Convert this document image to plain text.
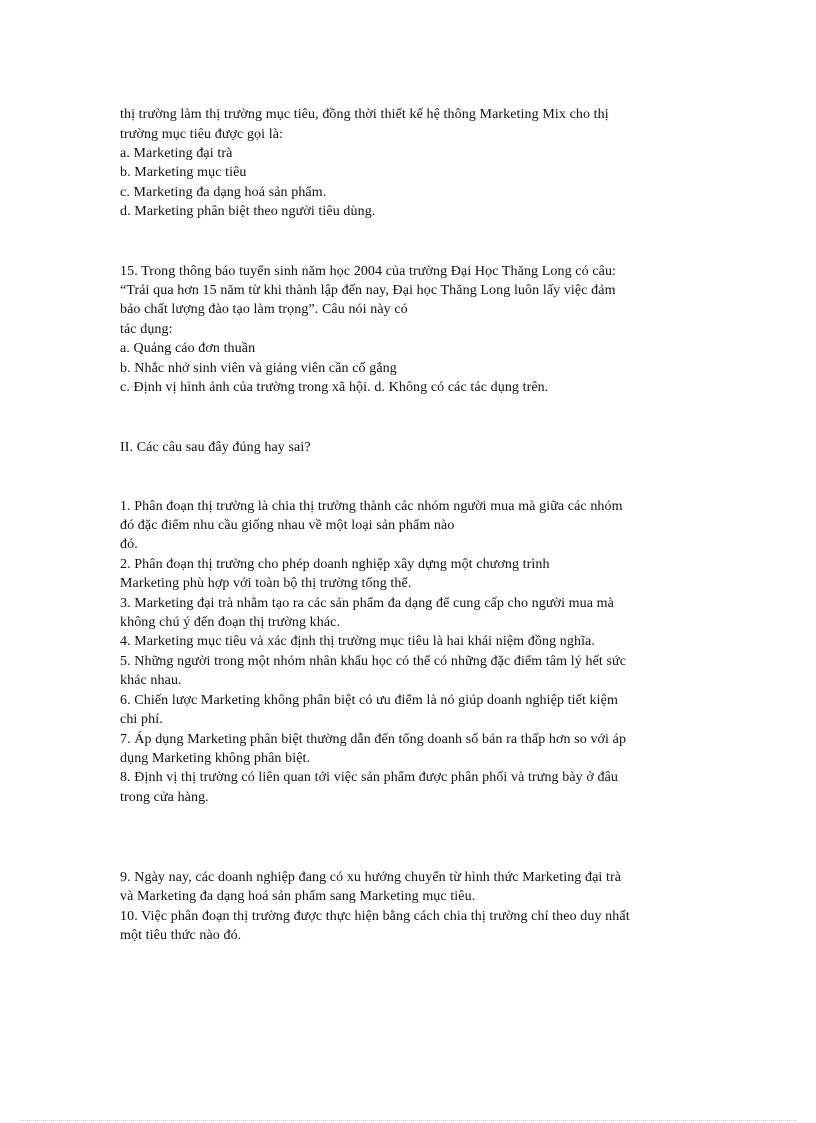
thị trường làm thị trường mục tiêu, đồng thời thiết kế hệ thông Marketing Mix cho thị
trường mục tiêu được gọi là:
a. Marketing đại trà
b. Marketing mục tiêu
c. Marketing đa dạng hoá sản phẩm.
d. Marketing phân biệt theo người tiêu dùng.
15. Trong thông báo tuyển sinh năm học 2004 của trường Đại Học Thăng Long có câu:
“Trải qua hơn 15 năm từ khi thành lập đến nay, Đại học Thăng Long luôn lấy việc đảm
bảo chất lượng đào tạo làm trọng”. Câu nói này có
tác dụng:
a. Quảng cáo đơn thuần
b. Nhắc nhở sinh viên và giảng viên cần cố gắng
c. Định vị hình ảnh của trường trong xã hội. d. Không có các tác dụng trên.
II. Các câu sau đây đúng hay sai?
1. Phân đoạn thị trường là chia thị trường thành các nhóm người mua mà giữa các nhóm
đó đặc điểm nhu cầu giống nhau về một loại sản phẩm nào
đó.
2. Phân đoạn thị trường cho phép doanh nghiệp xây dựng một chương trình
Marketing phù hợp với toàn bộ thị trường tổng thể.
3. Marketing đại trà nhằm tạo ra các sản phẩm đa dạng để cung cấp cho người mua mà
không chú ý đến đoạn thị trường khác.
4. Marketing mục tiêu và xác định thị trường mục tiêu là hai khái niệm đồng nghĩa.
5. Những người trong một nhóm nhân khẩu học có thể có những đặc điểm tâm lý hết sức
khác nhau.
6. Chiến lược Marketing không phân biệt có ưu điểm là nó giúp doanh nghiệp tiết kiệm
chi phí.
7. Áp dụng Marketing phân biệt thường dẫn đến tổng doanh số bán ra thấp hơn so với áp
dụng Marketing không phân biệt.
8. Định vị thị trường có liên quan tới việc sản phẩm được phân phối và trưng bày ở đâu
trong cửa hàng.
9. Ngày nay, các doanh nghiệp đang có xu hướng chuyển từ hình thức Marketing đại trà
và Marketing đa dạng hoá sản phẩm sang Marketing mục tiêu.
10. Việc phân đoạn thị trường được thực hiện bằng cách chia thị trường chỉ theo duy nhất
một tiêu thức nào đó.
